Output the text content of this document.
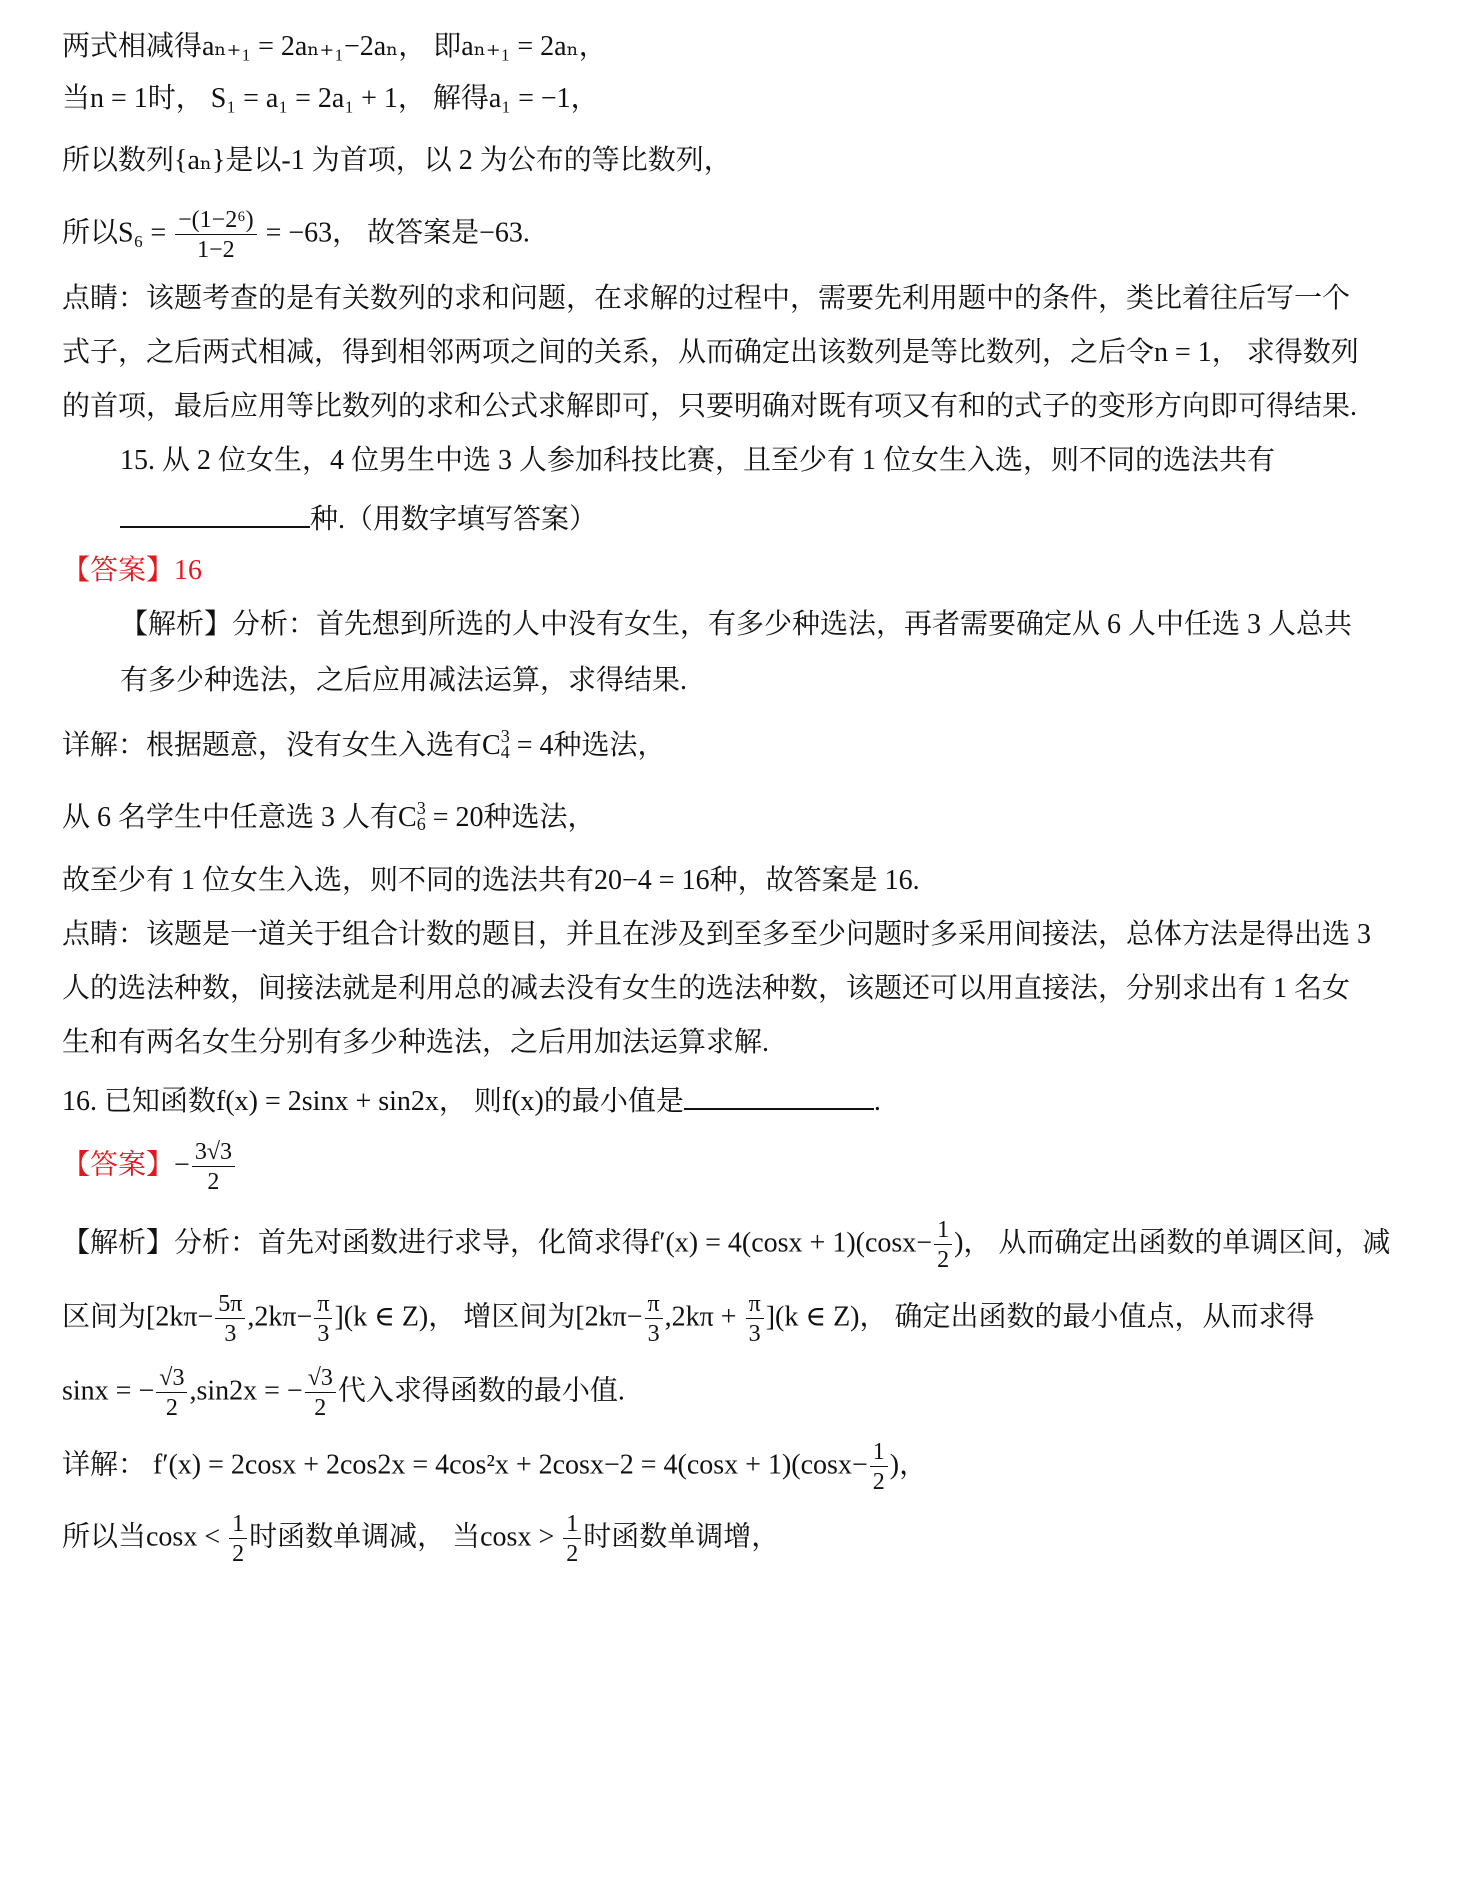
两式相减得aₙ₊₁ = 2aₙ₊₁−2aₙ， 即aₙ₊₁ = 2aₙ，
当n = 1时， S₁ = a₁ = 2a₁ + 1， 解得a₁ = −1，
所以数列{aₙ}是以-1 为首项，以 2 为公布的等比数列，
所以$S_6 = \frac{\text{−(1−2⁶)}}{1-2} = -63$， 故答案是−63.
点睛：该题考查的是有关数列的求和问题，在求解的过程中，需要先利用题中的条件，类比着往后写一个
式子，之后两式相减，得到相邻两项之间的关系，从而确定出该数列是等比数列，之后令n = 1， 求得数列
的首项，最后应用等比数列的求和公式求解即可，只要明确对既有项又有和的式子的变形方向即可得结果.
15. 从 2 位女生，4 位男生中选 3 人参加科技比赛，且至少有 1 位女生入选，则不同的选法共有
种.（用数字填写答案）
【答案】16
【解析】分析：首先想到所选的人中没有女生，有多少种选法，再者需要确定从 6 人中任选 3 人总共
有多少种选法，之后应用减法运算，求得结果.
详解：根据题意，没有女生入选有C 3
4 = 4种选法，
从 6 名学生中任意选 3 人有C 3
6 = 20种选法，
故至少有 1 位女生入选，则不同的选法共有20−4 = 16种，故答案是 16.
点睛：该题是一道关于组合计数的题目，并且在涉及到至多至少问题时多采用间接法，总体方法是得出选 3
人的选法种数，间接法就是利用总的减去没有女生的选法种数，该题还可以用直接法，分别求出有 1 名女
生和有两名女生分别有多少种选法，之后用加法运算求解.
16. 已知函数f(x) = 2sinx + sin2x， 则f(x)的最小值是	.
【答案】− $\frac{3√3}{2}$
【解析】分析：首先对函数进行求导，化简求得$f'(x) = 4(\cos x + 1)(\cos x- \frac{1}{2}$ )， 从而确定出函数的单调区间，减
区间为$[2k\pi- \frac{5\pi}{3} ,2k\pi- \frac{\pi}{3} ](k$ ∈ Z)， 增区间为$[2k\pi- \frac{\pi}{3} ,2k\pi + \frac{\pi}{3} ](k$ ∈ Z)， 确定出函数的最小值点，从而求得
sinx = − $\frac{√3}{2} ,\sin 2x$ = − $\frac{√3}{2}$ 代入求得函数的最小值.
详解： $f'(x) = 2\cos x + 2\cos 2x = 4\cos^2x + 2\cos x-2 = 4(\cos x + 1)(\cos x- \frac{1}{2}$ )，
所以当$\cos x < \frac{1}{2}$ 时函数单调减， 当$\cos x > \frac{1}{2}$ 时函数单调增，
